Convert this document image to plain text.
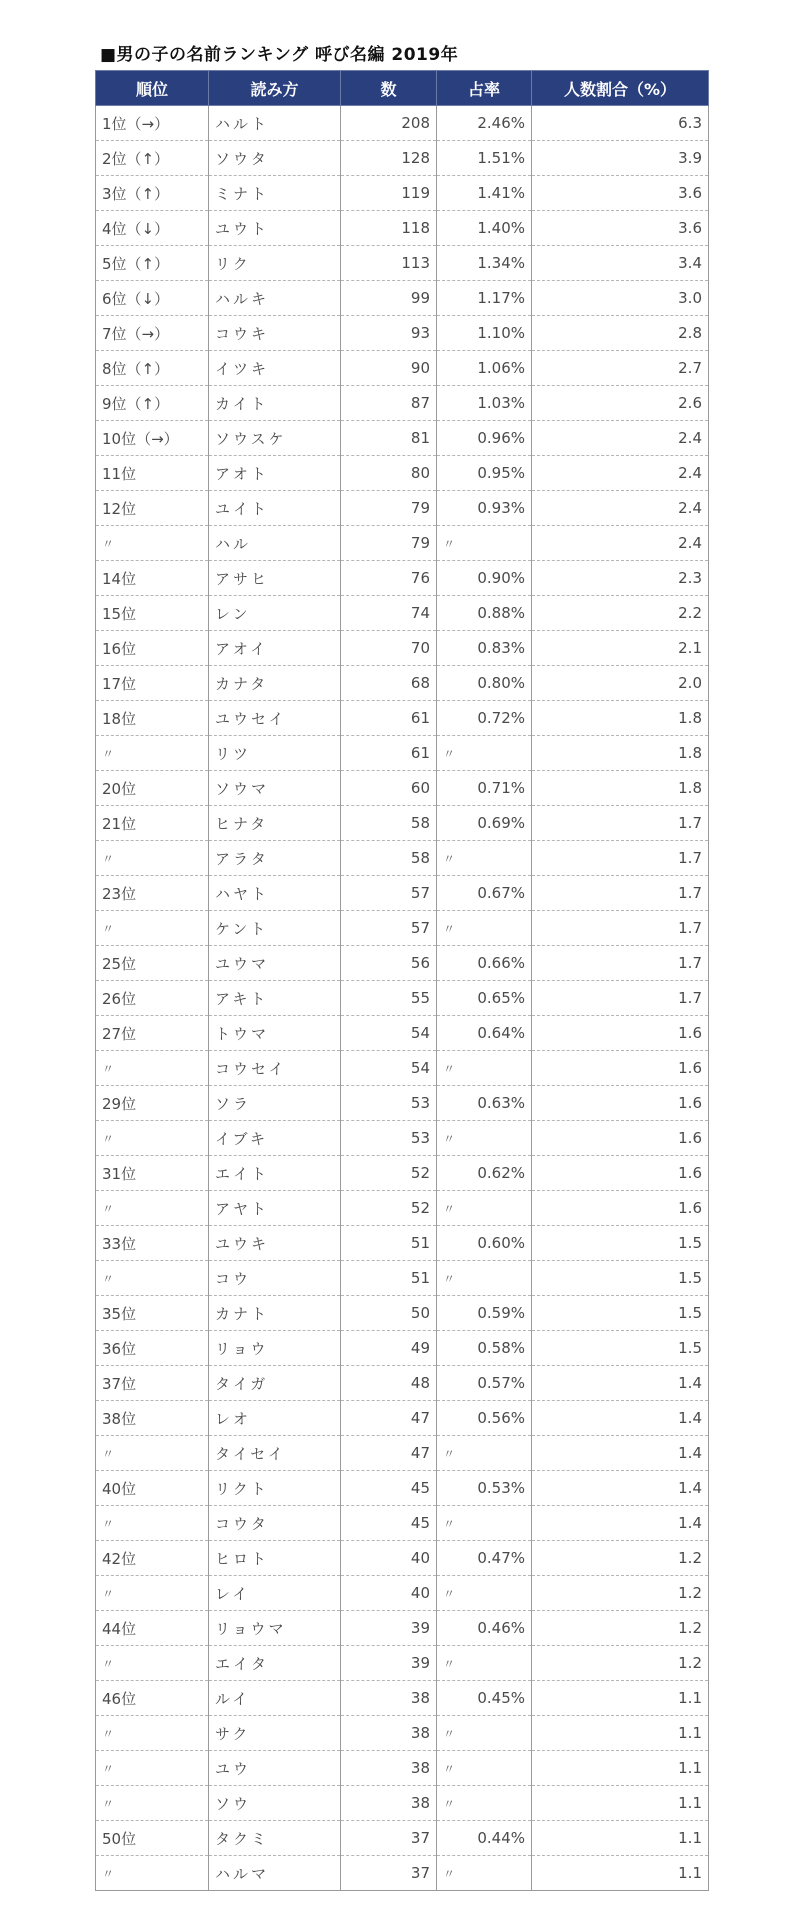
■男の子の名前ランキング 呼び名編 2019年
順位	読み方	数	占率	人数割合（%）
1位（→）	ハルト	208	2.46%	6.3
2位（↑）	ソウタ	128	1.51%	3.9
3位（↑）	ミナト	119	1.41%	3.6
4位（↓）	ユウト	118	1.40%	3.6
5位（↑）	リク	113	1.34%	3.4
6位（↓）	ハルキ	99	1.17%	3.0
7位（→）	コウキ	93	1.10%	2.8
8位（↑）	イツキ	90	1.06%	2.7
9位（↑）	カイト	87	1.03%	2.6
10位（→）	ソウスケ	81	0.96%	2.4
11位	アオト	80	0.95%	2.4
12位	ユイト	79	0.93%	2.4
〃	ハル	79	〃	2.4
14位	アサヒ	76	0.90%	2.3
15位	レン	74	0.88%	2.2
16位	アオイ	70	0.83%	2.1
17位	カナタ	68	0.80%	2.0
18位	ユウセイ	61	0.72%	1.8
〃	リツ	61	〃	1.8
20位	ソウマ	60	0.71%	1.8
21位	ヒナタ	58	0.69%	1.7
〃	アラタ	58	〃	1.7
23位	ハヤト	57	0.67%	1.7
〃	ケント	57	〃	1.7
25位	ユウマ	56	0.66%	1.7
26位	アキト	55	0.65%	1.7
27位	トウマ	54	0.64%	1.6
〃	コウセイ	54	〃	1.6
29位	ソラ	53	0.63%	1.6
〃	イブキ	53	〃	1.6
31位	エイト	52	0.62%	1.6
〃	アヤト	52	〃	1.6
33位	ユウキ	51	0.60%	1.5
〃	コウ	51	〃	1.5
35位	カナト	50	0.59%	1.5
36位	リョウ	49	0.58%	1.5
37位	タイガ	48	0.57%	1.4
38位	レオ	47	0.56%	1.4
〃	タイセイ	47	〃	1.4
40位	リクト	45	0.53%	1.4
〃	コウタ	45	〃	1.4
42位	ヒロト	40	0.47%	1.2
〃	レイ	40	〃	1.2
44位	リョウマ	39	0.46%	1.2
〃	エイタ	39	〃	1.2
46位	ルイ	38	0.45%	1.1
〃	サク	38	〃	1.1
〃	ユウ	38	〃	1.1
〃	ソウ	38	〃	1.1
50位	タクミ	37	0.44%	1.1
〃	ハルマ	37	〃	1.1
